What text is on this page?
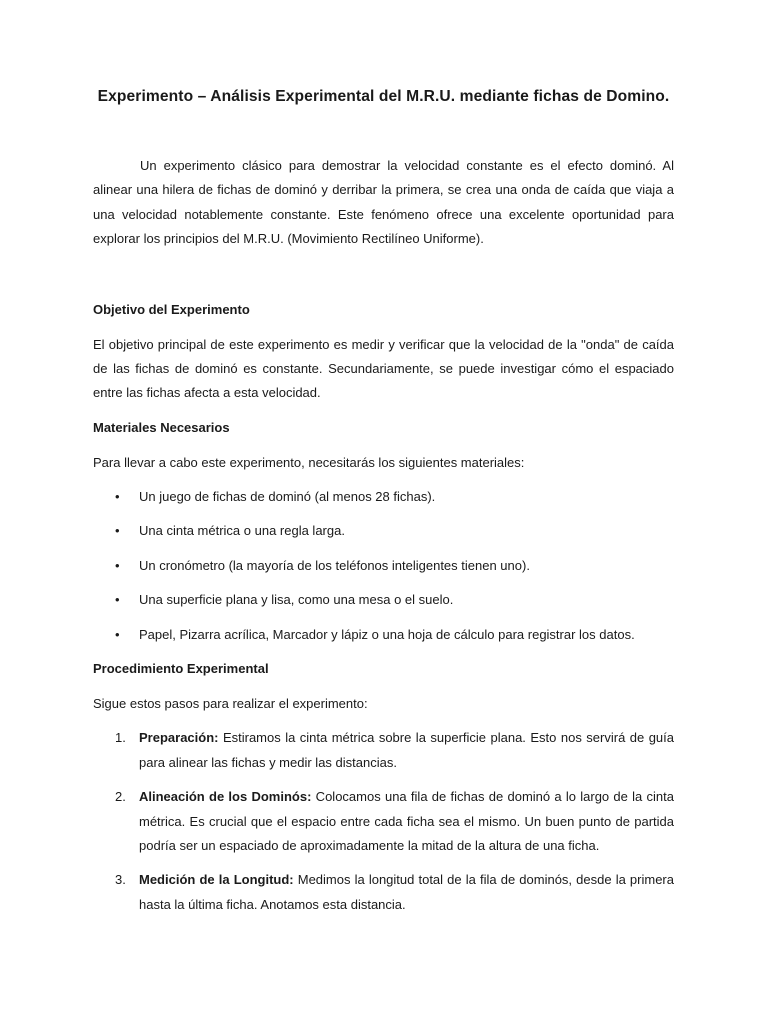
Experimento – Análisis Experimental del M.R.U. mediante fichas de Domino.

Un experimento clásico para demostrar la velocidad constante es el efecto dominó. Al alinear una hilera de fichas de dominó y derribar la primera, se crea una onda de caída que viaja a una velocidad notablemente constante. Este fenómeno ofrece una excelente oportunidad para explorar los principios del M.R.U. (Movimiento Rectilíneo Uniforme).

Objetivo del Experimento

El objetivo principal de este experimento es medir y verificar que la velocidad de la "onda" de caída de las fichas de dominó es constante. Secundariamente, se puede investigar cómo el espaciado entre las fichas afecta a esta velocidad.

Materiales Necesarios

Para llevar a cabo este experimento, necesitarás los siguientes materiales:

• Un juego de fichas de dominó (al menos 28 fichas).
• Una cinta métrica o una regla larga.
• Un cronómetro (la mayoría de los teléfonos inteligentes tienen uno).
• Una superficie plana y lisa, como una mesa o el suelo.
• Papel, Pizarra acrílica, Marcador y lápiz o una hoja de cálculo para registrar los datos.

Procedimiento Experimental

Sigue estos pasos para realizar el experimento:

1. Preparación: Estiramos la cinta métrica sobre la superficie plana. Esto nos servirá de guía para alinear las fichas y medir las distancias.
2. Alineación de los Dominós: Colocamos una fila de fichas de dominó a lo largo de la cinta métrica. Es crucial que el espacio entre cada ficha sea el mismo. Un buen punto de partida podría ser un espaciado de aproximadamente la mitad de la altura de una ficha.
3. Medición de la Longitud: Medimos la longitud total de la fila de dominós, desde la primera hasta la última ficha. Anotamos esta distancia.
